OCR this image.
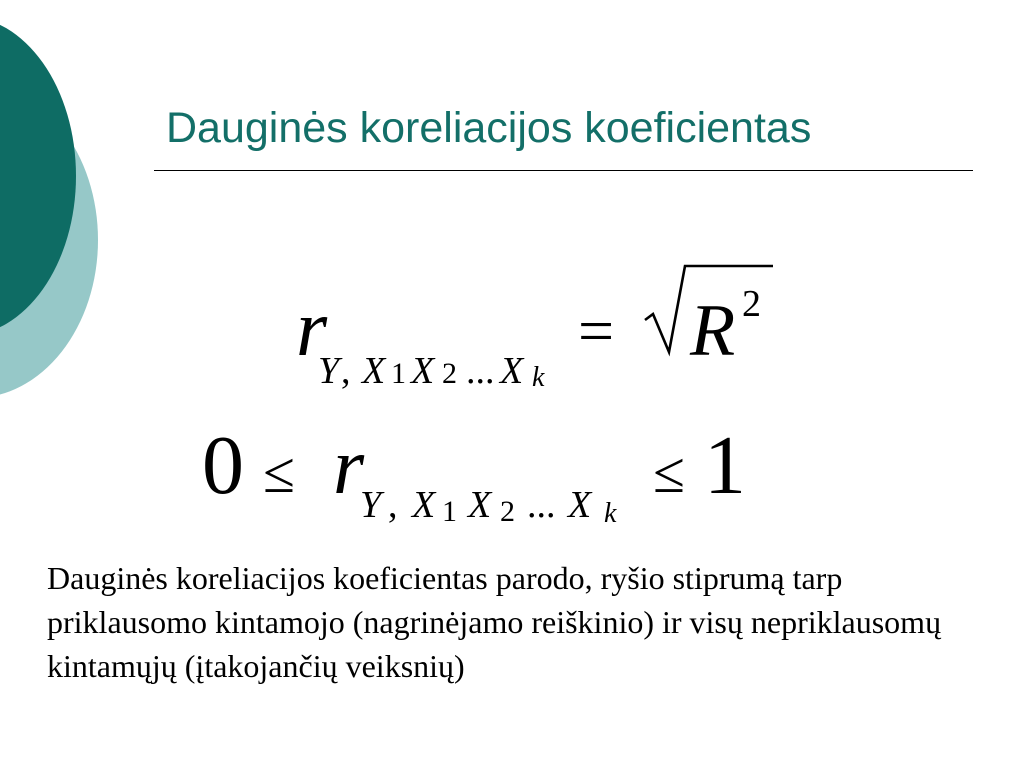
Dauginės koreliacijos koeficientas
r
Y , X 1 X 2 ... X k
= R 2
0 ≤ r
Y , X 1 X 2 ... X k
≤ 1

Dauginės koreliacijos koeficientas parodo, ryšio stiprumą tarp priklausomo kintamojo (nagrinėjamo reiškinio) ir visų nepriklausomų kintamųjų (įtakojančių veiksnių)
